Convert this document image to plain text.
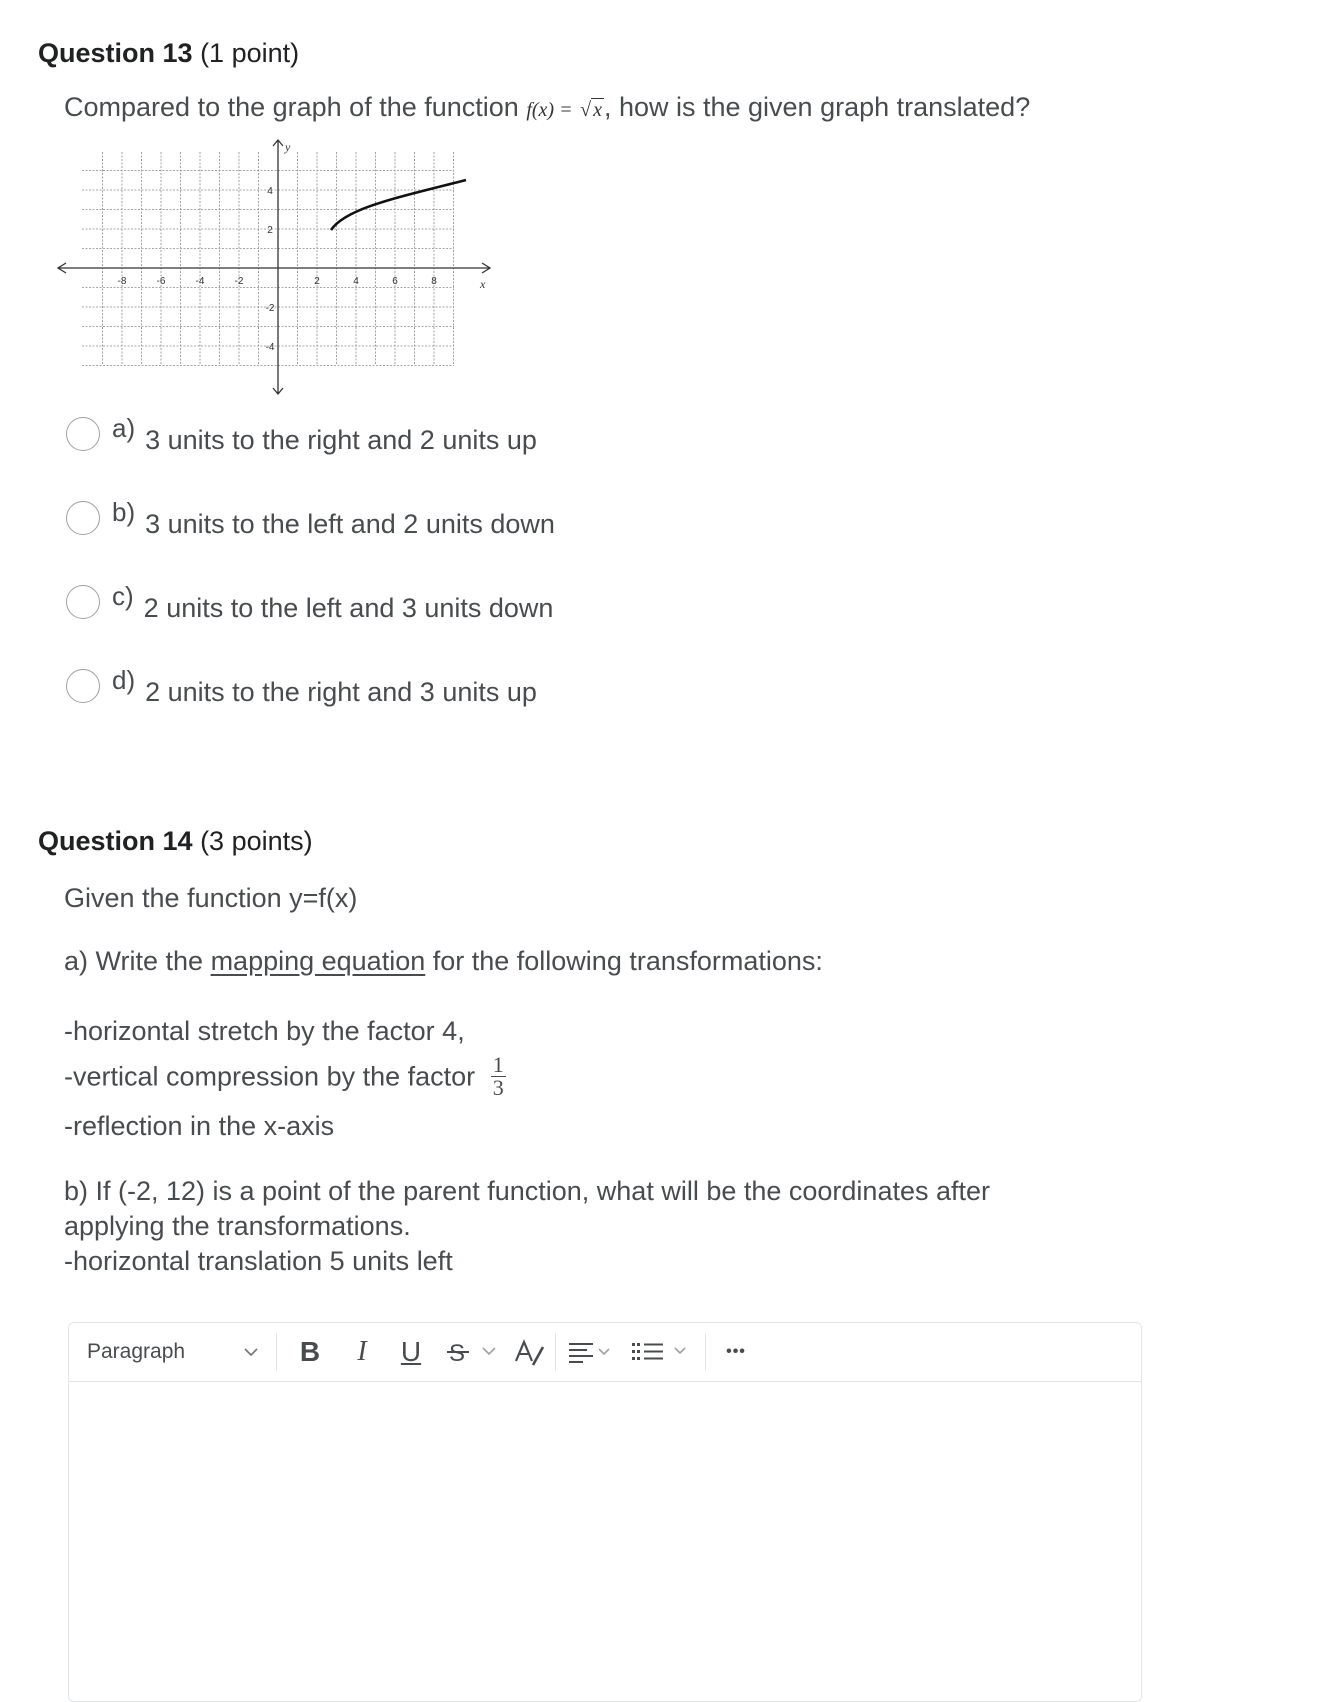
Question 13 (1 point)
Compared to the graph of the function f(x) = √ x, how is the given graph translated?
y
x
-8	-6	-4	-2	2	4	6	8
4
2
-2
-4
a) 3 units to the right and 2 units up
b) 3 units to the left and 2 units down
c) 2 units to the left and 3 units down
d) 2 units to the right and 3 units up
Question 14 (3 points)
Given the function y=f(x)
a) Write the mapping equation for the following transformations:
-horizontal stretch by the factor 4,
-vertical compression by the factor $\frac{1}{3}$
-reflection in the x-axis
b) If (-2, 12) is a point of the parent function, what will be the coordinates after
applying the transformations.
-horizontal translation 5 units left
Paragraph	B	I	U S	•••
